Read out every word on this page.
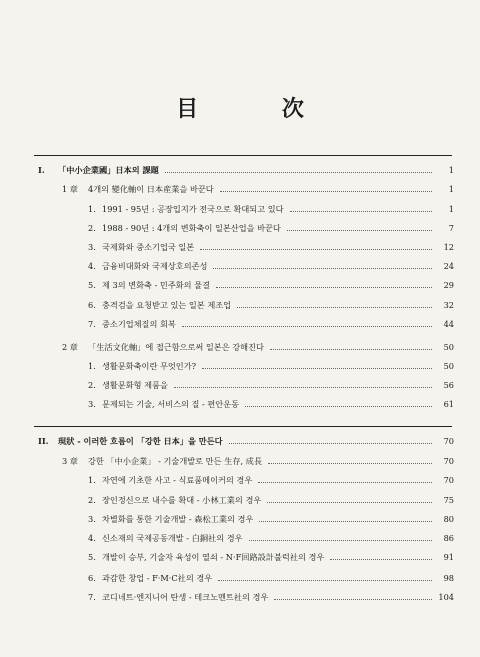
目 次
I. 「中小企業國」日本의 課題	1
1 章 4개의 變化軸이 日本産業을 바꾼다	1
1. 1991 - 95년 : 공장입지가 전국으로 확대되고 있다	1
2. 1988 - 90년 : 4개의 변화축이 일본산업을 바꾼다	7
3. 국제화와 중소기업국 일본	12
4. 금융비대화와 국제상호의존성	24
5. 제 3의 변화축 - 민주화의 물결	29
6. 충격검을 요청받고 있는 일본 제조업	32
7. 중소기업체질의 회복	44
2 章 「生活文化軸」에 접근함으로써 일본은 강해진다	50
1. 생활문화축이란 무엇인가?	50
2. 생활문화형 제품을	56
3. 문제되는 기술, 서비스의 질 - 편안운동	61
II. 現狀 - 이러한 흐름이 「강한 日本」을 만든다	70
3 章 강한 「中小企業」 - 기술개발로 만든 生存, 成長	70
1. 자연에 기초한 사고 - 식료품메이커의 경우	70
2. 장인정신으로 내수를 확대 - 小林工業의 경우	75
3. 차별화를 통한 기술개발 - 森松工業의 경우	80
4. 신소재의 국제공동개발 - 白銅社의 경우	86
5. 개발이 승부, 기술자 육성이 열쇠 - N·F回路設計불럭社의 경우	91
6. 과감한 창업 - F·M·C社의 경우	98
7. 코디네트·엔지니어 탄생 - 테크노멘트社의 경우	104
